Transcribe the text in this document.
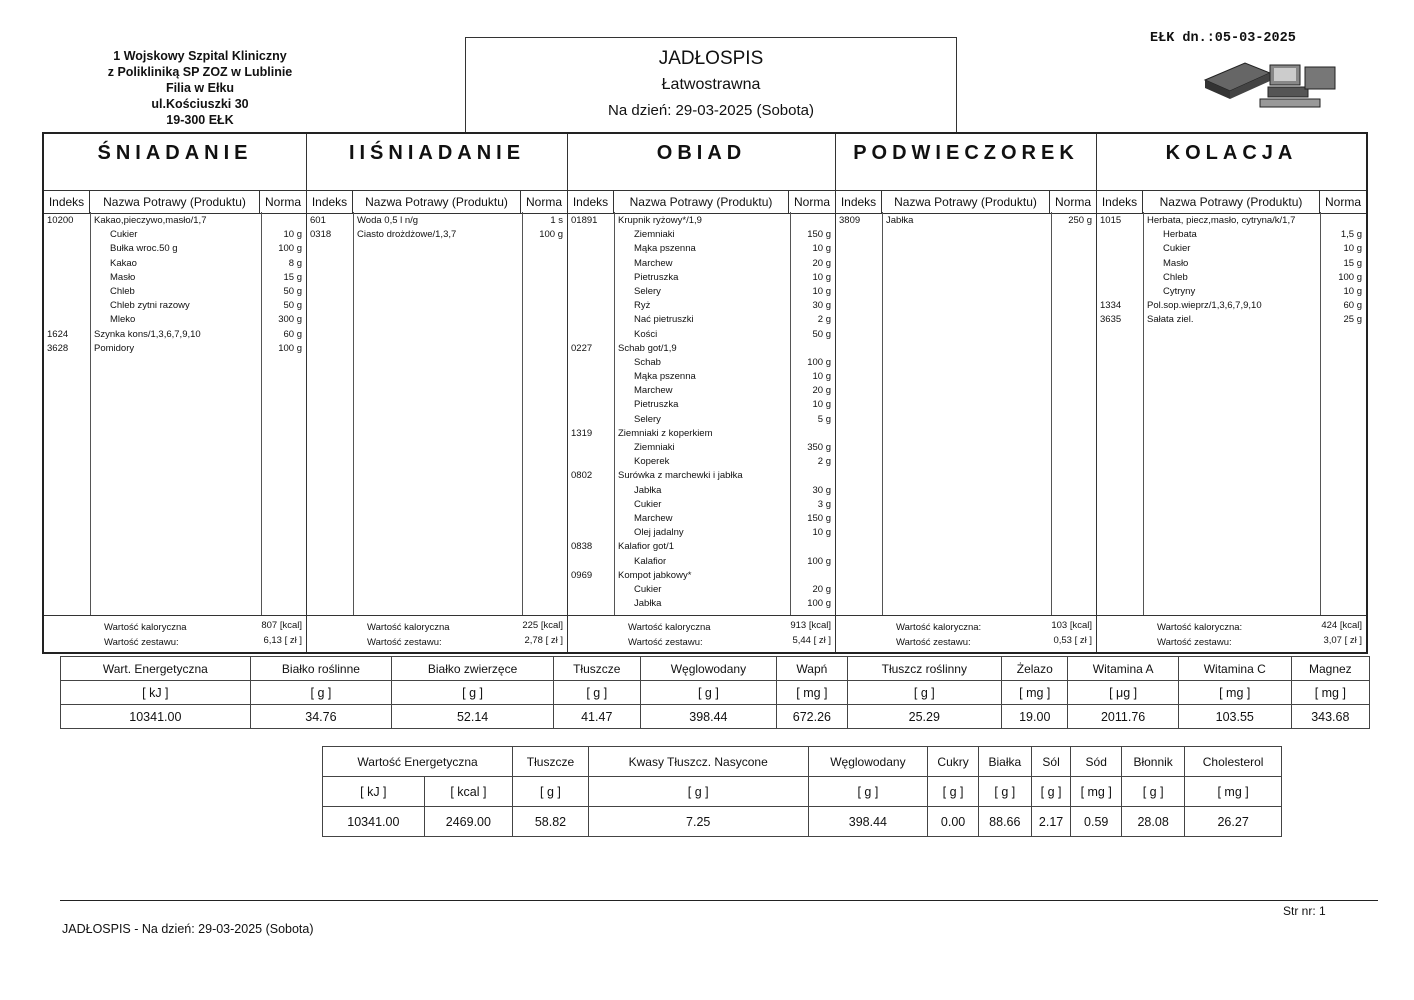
1 Wojskowy Szpital Kliniczny
z Polikliniką SP ZOZ w Lublinie
Filia w Ełku
ul.Kościuszki 30
19-300 EŁK
JADŁOSPIS
Łatwostrawna
Na dzień: 29-03-2025 (Sobota)
EŁK dn.:05-03-2025
ŚNIADANIE
Indeks	Nazwa Potrawy (Produktu)	Norma
10200 Kakao,pieczywo,masło/1,7
Cukier	10 g
Bułka wroc.50 g	100 g
Kakao	8 g
Masło	15 g
Chleb	50 g
Chleb zytni razowy	50 g
Mleko	300 g
1624	Szynka kons/1,3,6,7,9,10	60 g
3628	Pomidory	100 g
Wartość kaloryczna	807 [kcal]
Wartość zestawu:	6,13 [ zł ]
IIŚNIADANIE
Indeks	Nazwa Potrawy (Produktu)	Norma
601	Woda 0,5 l n/g	1 s
0318	Ciasto drożdżowe/1,3,7	100 g
Wartość kaloryczna	225 [kcal]
Wartość zestawu:	2,78 [ zł ]
OBIAD
Indeks	Nazwa Potrawy (Produktu)	Norma
01891 Krupnik ryżowy*/1,9
Ziemniaki	150 g
Mąka pszenna	10 g
Marchew	20 g
Pietruszka	10 g
Selery	10 g
Ryż	30 g
Nać pietruszki	2 g
Kości	50 g
0227	Schab got/1,9
Schab	100 g
Mąka pszenna	10 g
Marchew	20 g
Pietruszka	10 g
Selery	5 g
1319	Ziemniaki z koperkiem
Ziemniaki	350 g
Koperek	2 g
0802	Surówka z marchewki i jabłka
Jabłka	30 g
Cukier	3 g
Marchew	150 g
Olej jadalny	10 g
0838	Kalafior got/1
Kalafior	100 g
0969	Kompot jabkowy*
Cukier	20 g
Jabłka	100 g
Wartość kaloryczna	913 [kcal]
Wartość zestawu:	5,44 [ zł ]
PODWIECZOREK
Indeks	Nazwa Potrawy (Produktu)	Norma
3809	Jabłka	250 g
Wartość kaloryczna:	103 [kcal]
Wartość zestawu:	0,53 [ zł ]
KOLACJA
Indeks	Nazwa Potrawy (Produktu)	Norma
1015	Herbata, piecz,masło, cytryna/k/1,7
Herbata	1,5 g
Cukier	10 g
Masło	15 g
Chleb	100 g
Cytryny	10 g
1334	Pol.sop.wieprz/1,3,6,7,9,10	60 g
3635	Sałata ziel.	25 g
Wartość kaloryczna:	424 [kcal]
Wartość zestawu:	3,07 [ zł ]
Wart. Energetyczna	Białko roślinne	Białko zwierzęce	Tłuszcze	Węglowodany	Wapń	Tłuszcz roślinny	Żelazo	Witamina A	Witamina C	Magnez
[ kJ ]	[ g ]	[ g ]	[ g ]	[ g ]	[ mg ]	[ g ]	[ mg ]	[ μg ]	[ mg ]	[ mg ]
10341.00	34.76	52.14	41.47	398.44	672.26	25.29	19.00	2011.76	103.55	343.68
Wartość Energetyczna		Tłuszcze	Kwasy Tłuszcz. Nasycone	Węglowodany	Cukry	Białka	Sól	Sód	Błonnik	Cholesterol
[ kJ ]	[ kcal ]	[ g ]	[ g ]	[ g ]	[ g ]	[ g ]	[ g ]	[ mg ]	[ g ]	[ mg ]
10341.00	2469.00	58.82	7.25	398.44	0.00	88.66	2.17	0.59	28.08	26.27
JADŁOSPIS - Na dzień: 29-03-2025 (Sobota)
Str nr: 1
